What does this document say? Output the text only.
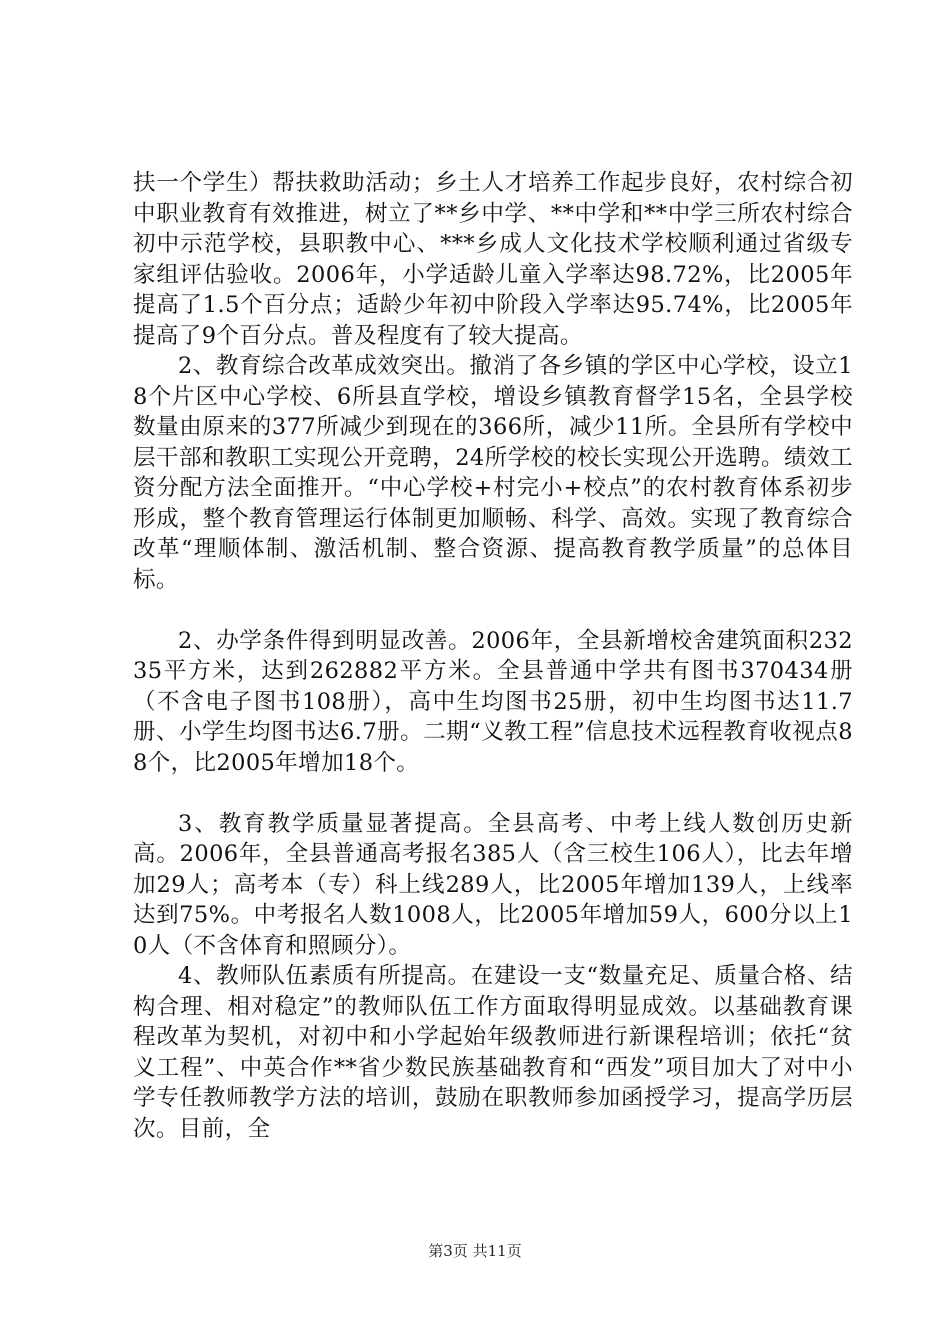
扶一个学生）帮扶救助活动；乡土人才培养工作起步良好，农村综合初中职业教育有效推进，树立了**乡中学、**中学和**中学三所农村综合初中示范学校，县职教中心、***乡成人文化技术学校顺利通过省级专家组评估验收。2006年，小学适龄儿童入学率达98.72%，比2005年提高了1.5个百分点；适龄少年初中阶段入学率达95.74%，比2005年提高了9个百分点。普及程度有了较大提高。

2、教育综合改革成效突出。撤消了各乡镇的学区中心学校，设立18个片区中心学校、6所县直学校，增设乡镇教育督学15名，全县学校数量由原来的377所减少到现在的366所，减少11所。全县所有学校中层干部和教职工实现公开竞聘，24所学校的校长实现公开选聘。绩效工资分配方法全面推开。“中心学校+村完小+校点”的农村教育体系初步形成，整个教育管理运行体制更加顺畅、科学、高效。实现了教育综合改革“理顺体制、激活机制、整合资源、提高教育教学质量”的总体目标。

2、办学条件得到明显改善。2006年，全县新增校舍建筑面积23235平方米，达到262882平方米。全县普通中学共有图书370434册（不含电子图书108册），高中生均图书25册，初中生均图书达11.7册、小学生均图书达6.7册。二期“义教工程”信息技术远程教育收视点88个，比2005年增加18个。

3、教育教学质量显著提高。全县高考、中考上线人数创历史新高。2006年，全县普通高考报名385人（含三校生106人），比去年增加29人；高考本（专）科上线289人，比2005年增加139人，上线率达到75%。中考报名人数1008人，比2005年增加59人，600分以上10人（不含体育和照顾分）。

4、教师队伍素质有所提高。在建设一支“数量充足、质量合格、结构合理、相对稳定”的教师队伍工作方面取得明显成效。以基础教育课程改革为契机，对初中和小学起始年级教师进行新课程培训；依托“贫义工程”、中英合作**省少数民族基础教育和“西发”项目加大了对中小学专任教师教学方法的培训，鼓励在职教师参加函授学习，提高学历层次。目前，全

第3页 共11页
